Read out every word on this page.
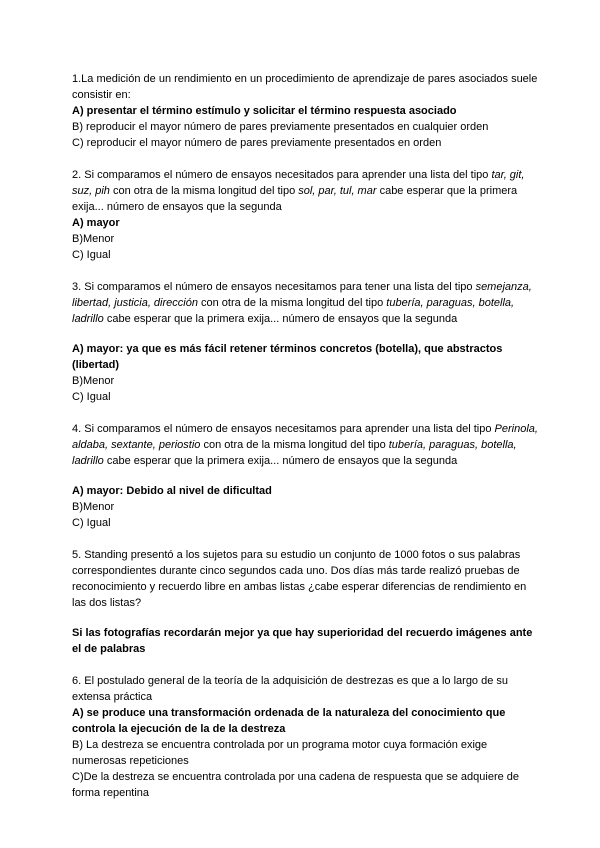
1.La medición de un rendimiento en un procedimiento de aprendizaje de pares asociados suele consistir en:

A) presentar el término estímulo y solicitar el término respuesta asociado

B) reproducir el mayor número de pares previamente presentados en cualquier orden

C) reproducir el mayor número de pares previamente presentados en orden

2. Si comparamos el número de ensayos necesitados para aprender una lista del tipo tar, git, suz, pih con otra de la misma longitud del tipo sol, par, tul, mar cabe esperar que la primera exija... número de ensayos que la segunda

A) mayor

B)Menor

C) Igual

3. Si comparamos el número de ensayos necesitamos para tener una lista del tipo semejanza, libertad, justicia, dirección con otra de la misma longitud del tipo tubería, paraguas, botella, ladrillo cabe esperar que la primera exija... número de ensayos que la segunda

A) mayor: ya que es más fácil retener términos concretos (botella), que abstractos (libertad)

B)Menor

C) Igual

4. Si comparamos el número de ensayos necesitamos para aprender una lista del tipo Perinola, aldaba, sextante, periostio con otra de la misma longitud del tipo tubería, paraguas, botella, ladrillo cabe esperar que la primera exija... número de ensayos que la segunda

A) mayor: Debido al nivel de dificultad

B)Menor

C) Igual

5. Standing presentó a los sujetos para su estudio un conjunto de 1000 fotos o sus palabras correspondientes durante cinco segundos cada uno. Dos días más tarde realizó pruebas de reconocimiento y recuerdo libre en ambas listas ¿cabe esperar diferencias de rendimiento en las dos listas?

Si las fotografías recordarán mejor ya que hay superioridad del recuerdo imágenes ante el de palabras

6. El postulado general de la teoría de la adquisición de destrezas es que a lo largo de su extensa práctica

A) se produce una transformación ordenada de la naturaleza del conocimiento que controla la ejecución de la de la destreza

B) La destreza se encuentra controlada por un programa motor cuya formación exige numerosas repeticiones

C)De la destreza se encuentra controlada por una cadena de respuesta que se adquiere de forma repentina
